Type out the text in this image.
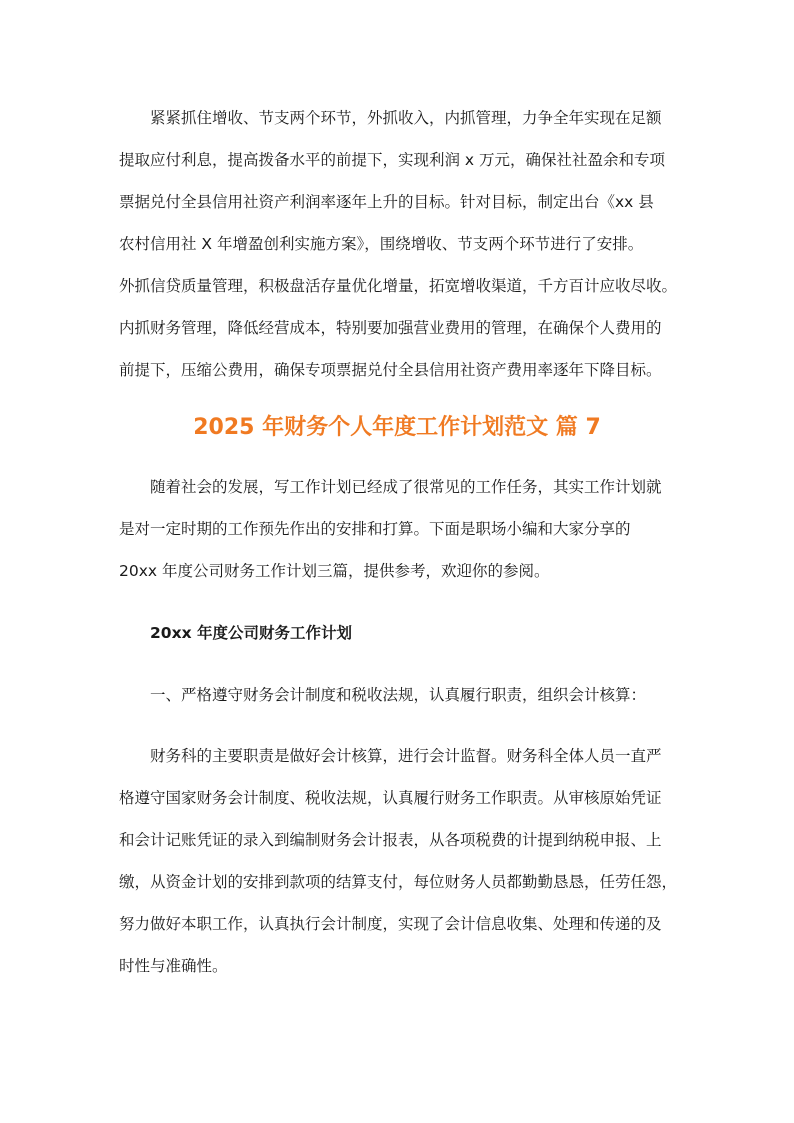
紧紧抓住增收、节支两个环节，外抓收入，内抓管理，力争全年实现在足额
提取应付利息，提高拨备水平的前提下，实现利润 x 万元，确保社社盈余和专项
票据兑付全县信用社资产利润率逐年上升的目标。针对目标，制定出台《xx 县
农村信用社 X 年增盈创利实施方案》，围绕增收、节支两个环节进行了安排。
外抓信贷质量管理，积极盘活存量优化增量，拓宽增收渠道，千方百计应收尽收。
内抓财务管理，降低经营成本，特别要加强营业费用的管理，在确保个人费用的
前提下，压缩公费用，确保专项票据兑付全县信用社资产费用率逐年下降目标。
2025 年财务个人年度工作计划范文 篇 7
随着社会的发展，写工作计划已经成了很常见的工作任务，其实工作计划就
是对一定时期的工作预先作出的安排和打算。下面是职场小编和大家分享的
20xx 年度公司财务工作计划三篇，提供参考，欢迎你的参阅。
20xx 年度公司财务工作计划
一、严格遵守财务会计制度和税收法规，认真履行职责，组织会计核算：
财务科的主要职责是做好会计核算，进行会计监督。财务科全体人员一直严
格遵守国家财务会计制度、税收法规，认真履行财务工作职责。从审核原始凭证
和会计记账凭证的录入到编制财务会计报表，从各项税费的计提到纳税申报、上
缴，从资金计划的安排到款项的结算支付，每位财务人员都勤勤恳恳，任劳任怨，
努力做好本职工作，认真执行会计制度，实现了会计信息收集、处理和传递的及
时性与准确性。
